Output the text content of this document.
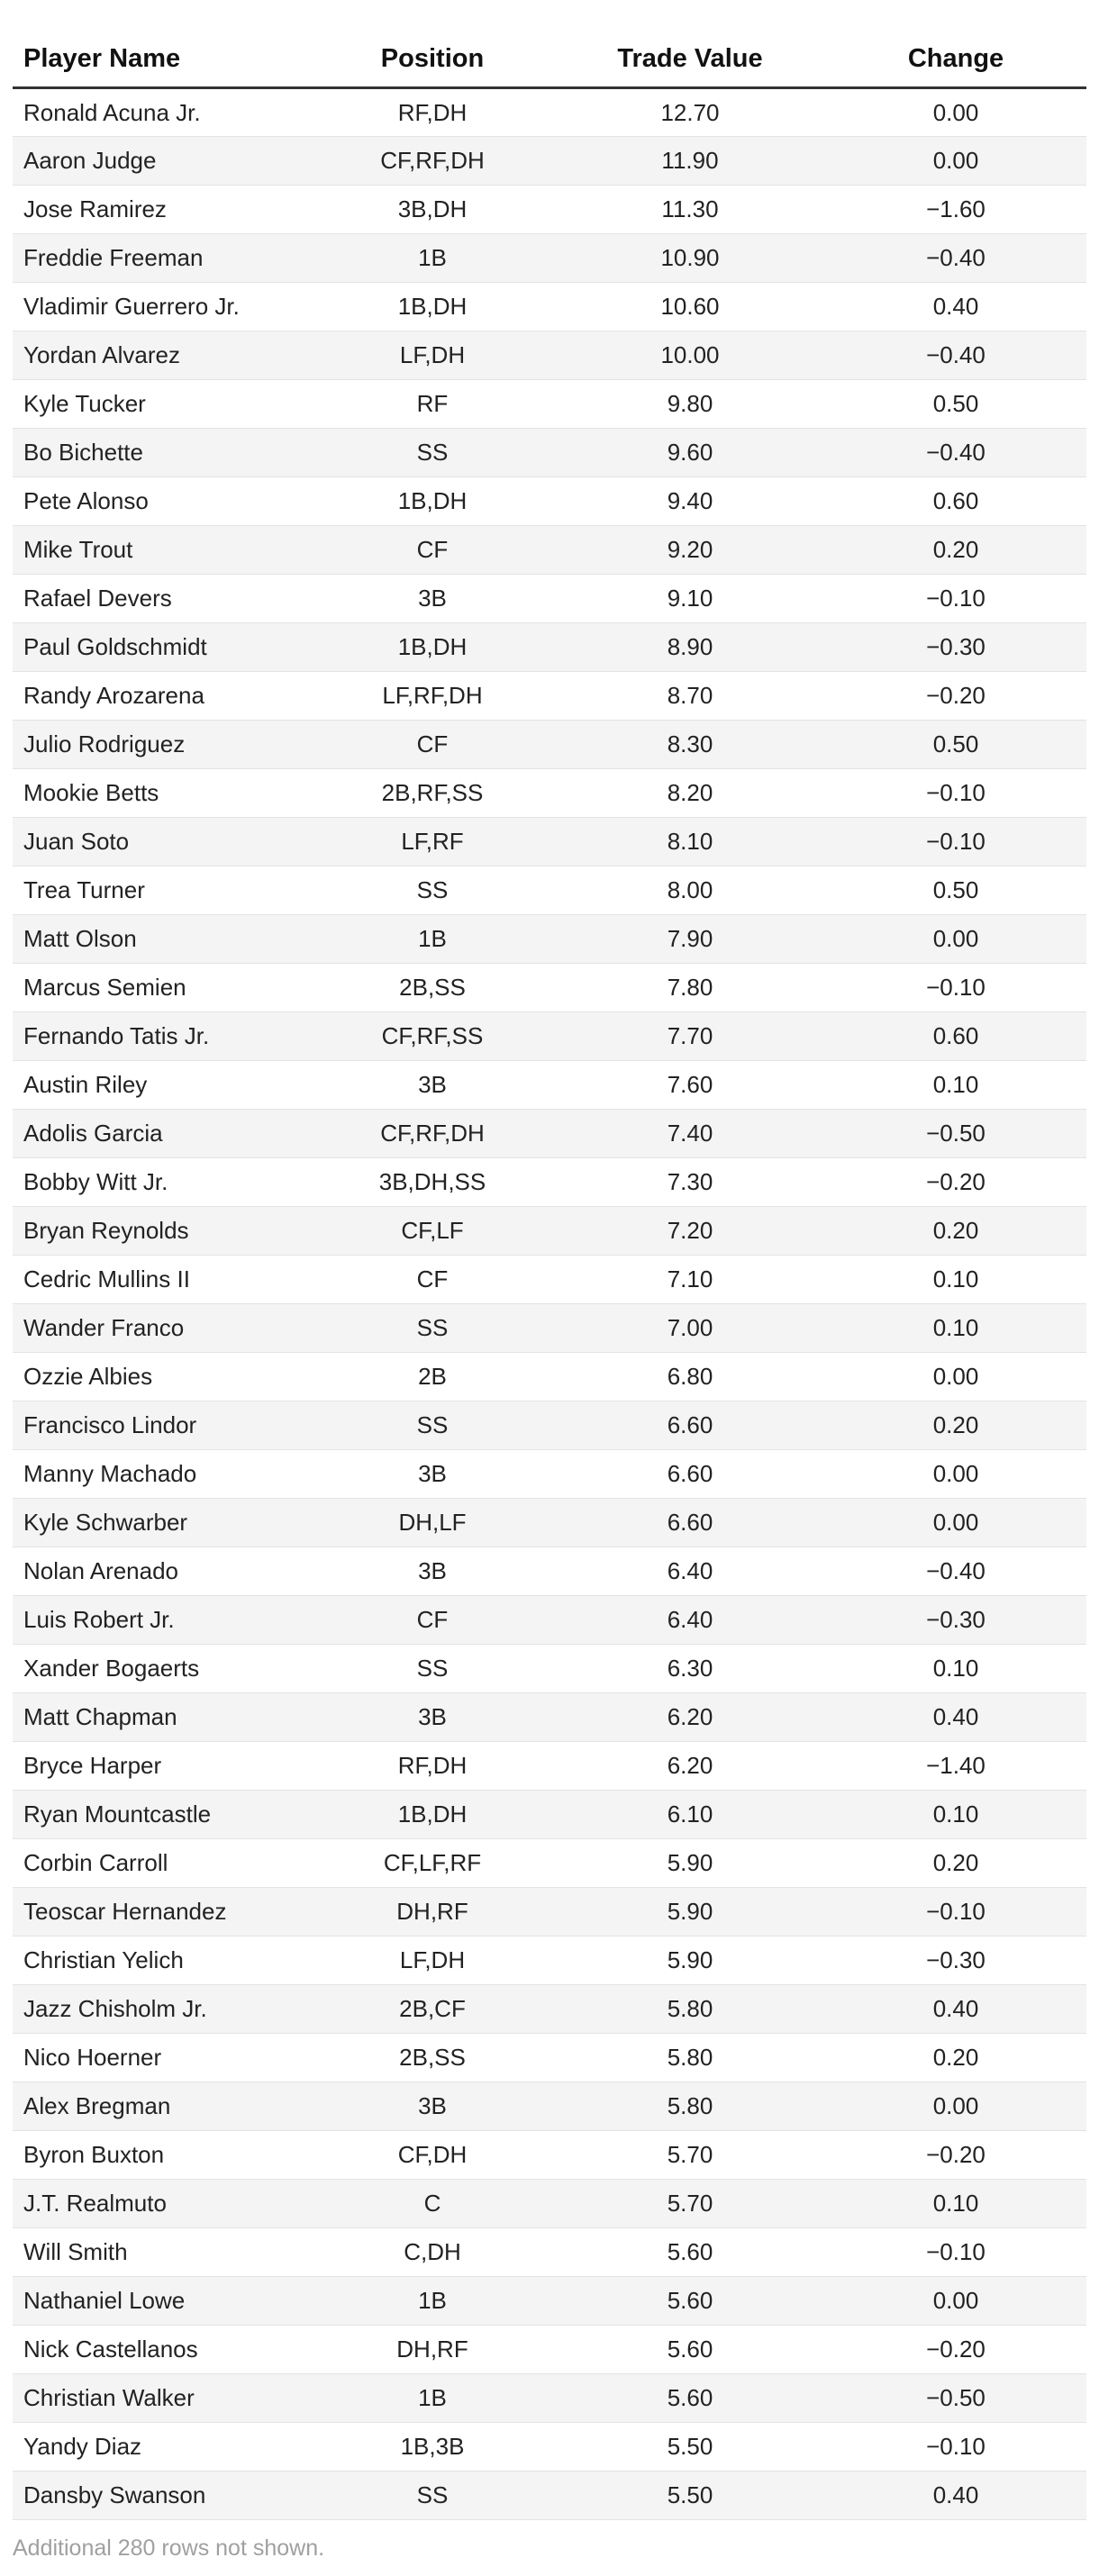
Player Name	Position	Trade Value	Change
Ronald Acuna Jr.	RF,DH	12.70	0.00
Aaron Judge	CF,RF,DH	11.90	0.00
Jose Ramirez	3B,DH	11.30	−1.60
Freddie Freeman	1B	10.90	−0.40
Vladimir Guerrero Jr.	1B,DH	10.60	0.40
Yordan Alvarez	LF,DH	10.00	−0.40
Kyle Tucker	RF	9.80	0.50
Bo Bichette	SS	9.60	−0.40
Pete Alonso	1B,DH	9.40	0.60
Mike Trout	CF	9.20	0.20
Rafael Devers	3B	9.10	−0.10
Paul Goldschmidt	1B,DH	8.90	−0.30
Randy Arozarena	LF,RF,DH	8.70	−0.20
Julio Rodriguez	CF	8.30	0.50
Mookie Betts	2B,RF,SS	8.20	−0.10
Juan Soto	LF,RF	8.10	−0.10
Trea Turner	SS	8.00	0.50
Matt Olson	1B	7.90	0.00
Marcus Semien	2B,SS	7.80	−0.10
Fernando Tatis Jr.	CF,RF,SS	7.70	0.60
Austin Riley	3B	7.60	0.10
Adolis Garcia	CF,RF,DH	7.40	−0.50
Bobby Witt Jr.	3B,DH,SS	7.30	−0.20
Bryan Reynolds	CF,LF	7.20	0.20
Cedric Mullins II	CF	7.10	0.10
Wander Franco	SS	7.00	0.10
Ozzie Albies	2B	6.80	0.00
Francisco Lindor	SS	6.60	0.20
Manny Machado	3B	6.60	0.00
Kyle Schwarber	DH,LF	6.60	0.00
Nolan Arenado	3B	6.40	−0.40
Luis Robert Jr.	CF	6.40	−0.30
Xander Bogaerts	SS	6.30	0.10
Matt Chapman	3B	6.20	0.40
Bryce Harper	RF,DH	6.20	−1.40
Ryan Mountcastle	1B,DH	6.10	0.10
Corbin Carroll	CF,LF,RF	5.90	0.20
Teoscar Hernandez	DH,RF	5.90	−0.10
Christian Yelich	LF,DH	5.90	−0.30
Jazz Chisholm Jr.	2B,CF	5.80	0.40
Nico Hoerner	2B,SS	5.80	0.20
Alex Bregman	3B	5.80	0.00
Byron Buxton	CF,DH	5.70	−0.20
J.T. Realmuto	C	5.70	0.10
Will Smith	C,DH	5.60	−0.10
Nathaniel Lowe	1B	5.60	0.00
Nick Castellanos	DH,RF	5.60	−0.20
Christian Walker	1B	5.60	−0.50
Yandy Diaz	1B,3B	5.50	−0.10
Dansby Swanson	SS	5.50	0.40
Additional 280 rows not shown.
